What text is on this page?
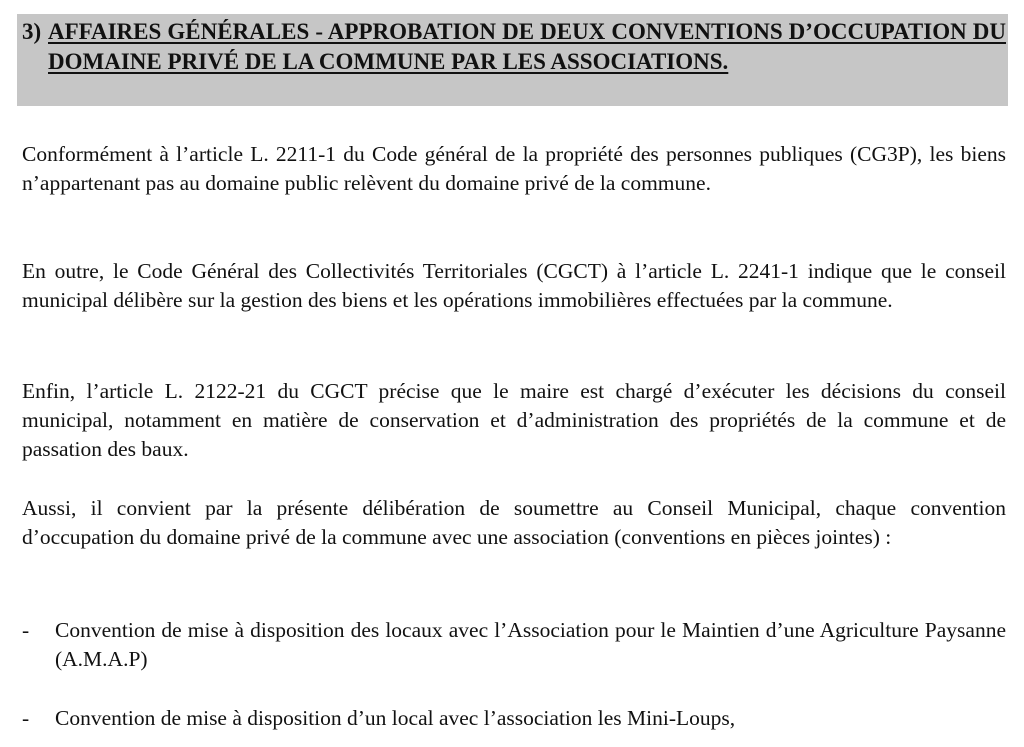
3) AFFAIRES GÉNÉRALES - APPROBATION DE DEUX CONVENTIONS D’OCCUPATION DU DOMAINE PRIVÉ DE LA COMMUNE PAR LES ASSOCIATIONS.

Conformément à l’article L. 2211-1 du Code général de la propriété des personnes publiques (CG3P), les biens n’appartenant pas au domaine public relèvent du domaine privé de la commune.

En outre, le Code Général des Collectivités Territoriales (CGCT) à l’article L. 2241-1 indique que le conseil municipal délibère sur la gestion des biens et les opérations immobilières effectuées par la commune.

Enfin, l’article L. 2122-21 du CGCT précise que le maire est chargé d’exécuter les décisions du conseil municipal, notamment en matière de conservation et d’administration des propriétés de la commune et de passation des baux.

Aussi, il convient par la présente délibération de soumettre au Conseil Municipal, chaque convention d’occupation du domaine privé de la commune avec une association (conventions en pièces jointes) :

- Convention de mise à disposition des locaux avec l’Association pour le Maintien d’une Agriculture Paysanne (A.M.A.P)
- Convention de mise à disposition d’un local avec l’association les Mini-Loups,
